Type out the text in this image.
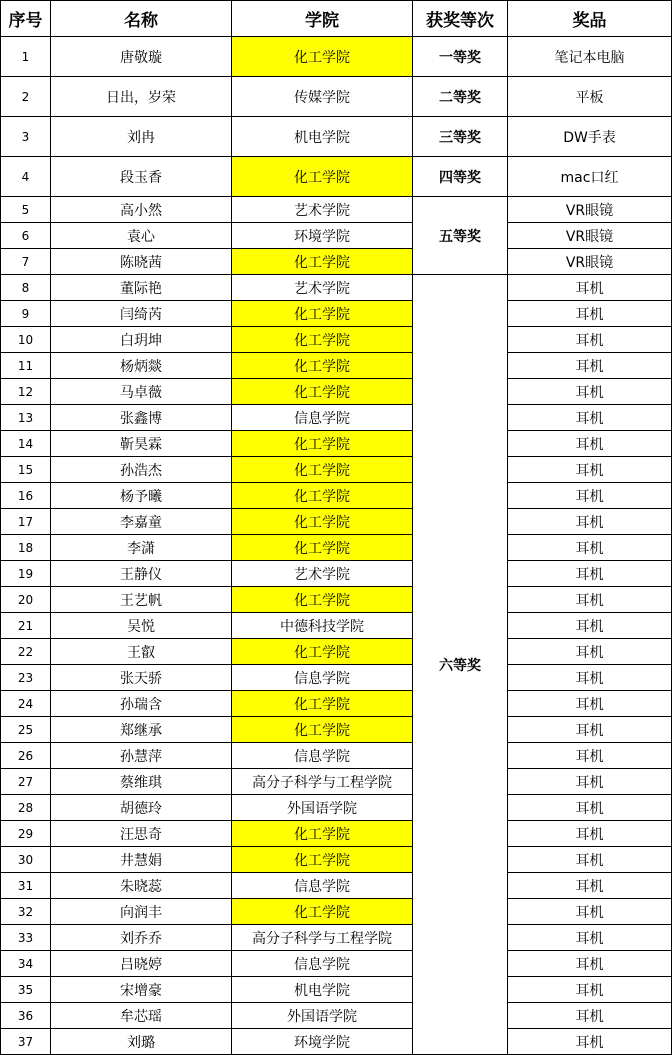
序号	名称	学院	获奖等次	奖品
1	唐敬璇	化工学院	一等奖	笔记本电脑
2	日出，岁荣	传媒学院	二等奖	平板
3	刘冉	机电学院	三等奖	DW手表
4	段玉香	化工学院	四等奖	mac口红
5	高小然	艺术学院	五等奖	VR眼镜
6	袁心	环境学院		VR眼镜
7	陈晓茜	化工学院		VR眼镜
8	董际艳	艺术学院	六等奖	耳机
9	闫绮芮	化工学院		耳机
10	白玥坤	化工学院		耳机
11	杨炳燚	化工学院		耳机
12	马卓薇	化工学院		耳机
13	张鑫博	信息学院		耳机
14	靳昊霖	化工学院		耳机
15	孙浩杰	化工学院		耳机
16	杨予曦	化工学院		耳机
17	李嘉童	化工学院		耳机
18	李潇	化工学院		耳机
19	王静仪	艺术学院		耳机
20	王艺帆	化工学院		耳机
21	吴悦	中德科技学院		耳机
22	王叡	化工学院		耳机
23	张天骄	信息学院		耳机
24	孙瑞含	化工学院		耳机
25	郑继承	化工学院		耳机
26	孙慧萍	信息学院		耳机
27	蔡维琪	高分子科学与工程学院		耳机
28	胡德玲	外国语学院		耳机
29	汪思奇	化工学院		耳机
30	井慧娟	化工学院		耳机
31	朱晓蕊	信息学院		耳机
32	向润丰	化工学院		耳机
33	刘乔乔	高分子科学与工程学院		耳机
34	吕晓婷	信息学院		耳机
35	宋增豪	机电学院		耳机
36	牟芯瑶	外国语学院		耳机
37	刘璐	环境学院		耳机
